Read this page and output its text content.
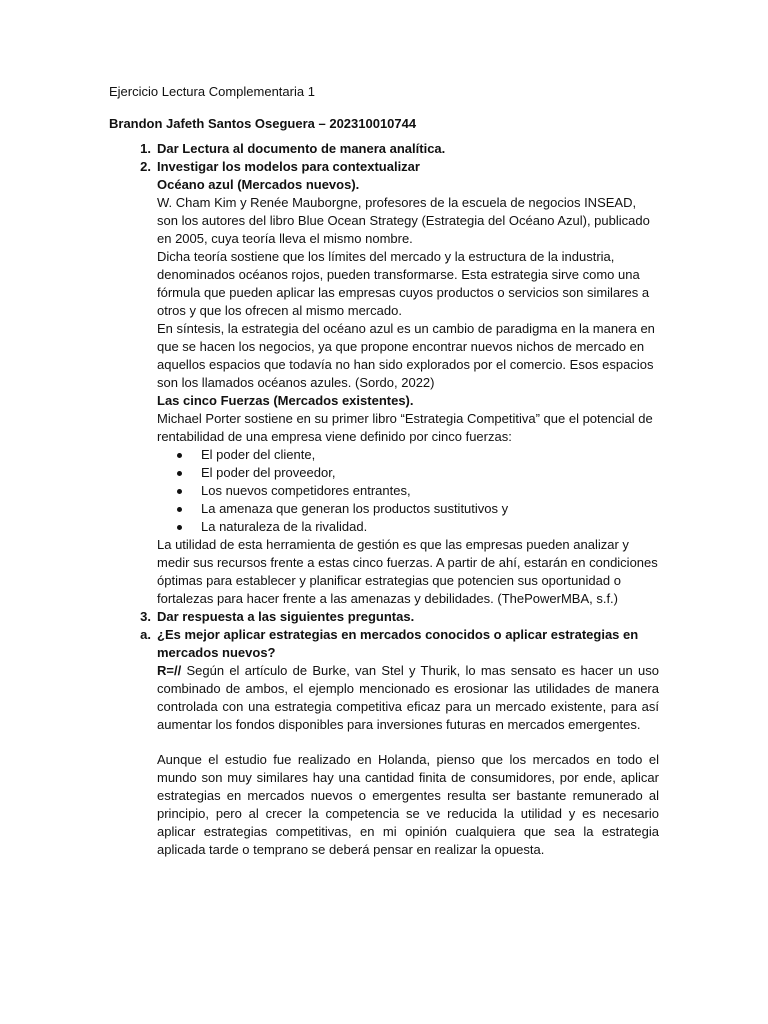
Ejercicio Lectura Complementaria 1
Brandon Jafeth Santos Oseguera – 202310010744
1. Dar Lectura al documento de manera analítica.
2. Investigar los modelos para contextualizar
Océano azul (Mercados nuevos).

W. Cham Kim y Renée Mauborgne, profesores de la escuela de negocios INSEAD, son los autores del libro Blue Ocean Strategy (Estrategia del Océano Azul), publicado en 2005, cuya teoría lleva el mismo nombre.

Dicha teoría sostiene que los límites del mercado y la estructura de la industria, denominados océanos rojos, pueden transformarse. Esta estrategia sirve como una fórmula que pueden aplicar las empresas cuyos productos o servicios son similares a otros y que los ofrecen al mismo mercado.

En síntesis, la estrategia del océano azul es un cambio de paradigma en la manera en que se hacen los negocios, ya que propone encontrar nuevos nichos de mercado en aquellos espacios que todavía no han sido explorados por el comercio. Esos espacios son los llamados océanos azules. (Sordo, 2022)

Las cinco Fuerzas (Mercados existentes).

Michael Porter sostiene en su primer libro “Estrategia Competitiva” que el potencial de rentabilidad de una empresa viene definido por cinco fuerzas:

El poder del cliente,
El poder del proveedor,
Los nuevos competidores entrantes,
La amenaza que generan los productos sustitutivos y
La naturaleza de la rivalidad.

La utilidad de esta herramienta de gestión es que las empresas pueden analizar y medir sus recursos frente a estas cinco fuerzas. A partir de ahí, estarán en condiciones óptimas para establecer y planificar estrategias que potencien sus oportunidad o fortalezas para hacer frente a las amenazas y debilidades. (ThePowerMBA, s.f.)

3. Dar respuesta a las siguientes preguntas.
a. ¿Es mejor aplicar estrategias en mercados conocidos o aplicar estrategias en mercados nuevos?

R=// Según el artículo de Burke, van Stel y Thurik, lo mas sensato es hacer un uso combinado de ambos, el ejemplo mencionado es erosionar las utilidades de manera controlada con una estrategia competitiva eficaz para un mercado existente, para así aumentar los fondos disponibles para inversiones futuras en mercados emergentes.

Aunque el estudio fue realizado en Holanda, pienso que los mercados en todo el mundo son muy similares hay una cantidad finita de consumidores, por ende, aplicar estrategias en mercados nuevos o emergentes resulta ser bastante remunerado al principio, pero al crecer la competencia se ve reducida la utilidad y es necesario aplicar estrategias competitivas, en mi opinión cualquiera que sea la estrategia aplicada tarde o temprano se deberá pensar en realizar la opuesta.
